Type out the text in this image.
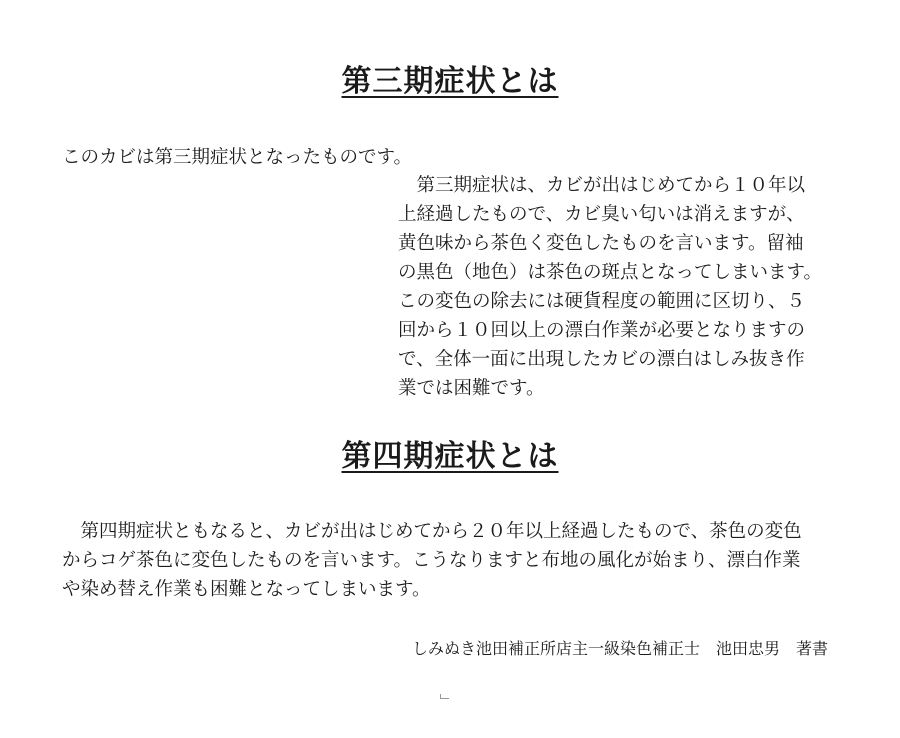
第三期症状とは
このカビは第三期症状となったものです。
　第三期症状は、カビが出はじめてから１０年以
上経過したもので、カビ臭い匂いは消えますが、
黄色味から茶色く変色したものを言います。留袖
の黒色（地色）は茶色の斑点となってしまいます。
この変色の除去には硬貨程度の範囲に区切り、５
回から１０回以上の漂白作業が必要となりますの
で、全体一面に出現したカビの漂白はしみ抜き作
業では困難です。
第四期症状とは
　第四期症状ともなると、カビが出はじめてから２０年以上経過したもので、茶色の変色
からコゲ茶色に変色したものを言います。こうなりますと布地の風化が始まり、漂白作業
や染め替え作業も困難となってしまいます。
しみぬき池田補正所店主一級染色補正士　池田忠男　著書
